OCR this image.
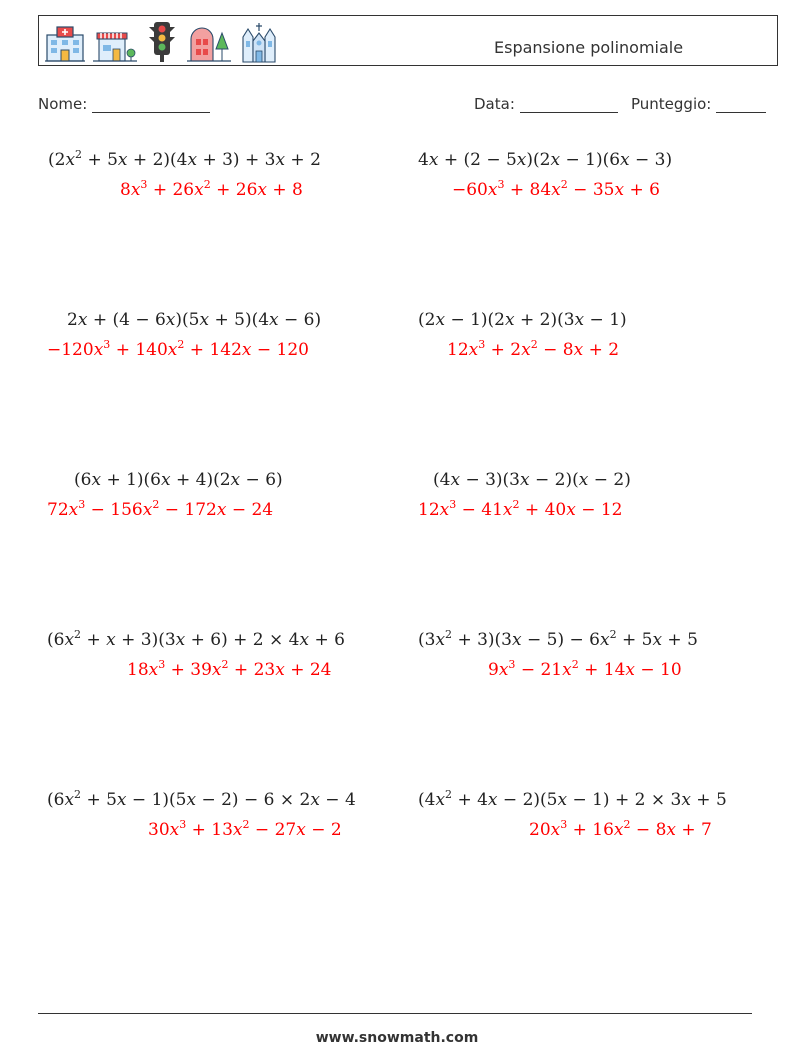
Espansione polinomiale
Nome:	Data:	Punteggio:
$(2x^2 + 5x + 2)(4x + 3) + 3x + 2$
$8x^3 + 26x^2 + 26x + 8$
4x + (2 − 5x)(2x − 1)(6x − 3)
$-60x^3 + 84x^2 - 35x + 6$
2x + (4 − 6x)(5x + 5)(4x − 6)
$-120x^3 + 140x^2 + 142x - 120$
(2x − 1)(2x + 2)(3x − 1)
$12x^3 + 2x^2 - 8x + 2$
(6x + 1)(6x + 4)(2x − 6)
$72x^3 - 156x^2 - 172x - 24$
(4x − 3)(3x − 2)(x − 2)
$12x^3 - 41x^2 + 40x - 12$
$(6x^2 + x + 3)(3x + 6) + 2 \times 4x + 6$
$18x^3 + 39x^2 + 23x + 24$
$(3x^2 + 3)(3x - 5) - 6x^2 + 5x + 5$
$9x^3 - 21x^2 + 14x - 10$
$(6x^2 + 5x - 1)(5x - 2) - 6 \times 2x - 4$
$30x^3 + 13x^2 - 27x - 2$
$(4x^2 + 4x - 2)(5x - 1) + 2 \times 3x + 5$
$20x^3 + 16x^2 - 8x + 7$
www.snowmath.com
